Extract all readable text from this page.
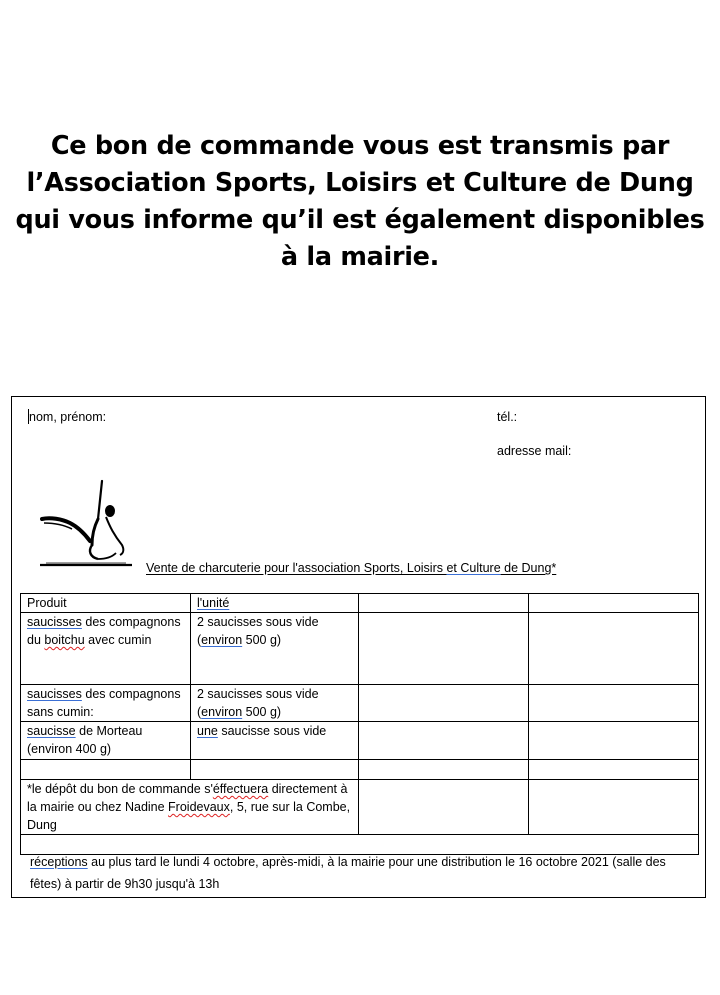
Ce bon de commande vous est transmis par
l’Association Sports, Loisirs et Culture de Dung
qui vous informe qu’il est également disponibles
à la mairie.
nom, prénom:	tél.:
adresse mail:
Vente de charcuterie pour l'association Sports, Loisirs et Culture de Dung*
Produit	l'unité		
saucisses des compagnons du boitchu avec cumin	2 saucisses sous vide (environ 500 g)		
saucisses des compagnons sans cumin:	2 saucisses sous vide (environ 500 g)		
saucisse de Morteau (environ 400 g)	une saucisse sous vide		

*le dépôt du bon de commande s'éffectuera directement à la mairie ou chez Nadine Froidevaux, 5, rue sur la Combe, Dung			

réceptions au plus tard le lundi 4 octobre, après-midi, à la mairie pour une distribution le 16 octobre 2021 (salle des fêtes) à partir de 9h30 jusqu'à 13h
